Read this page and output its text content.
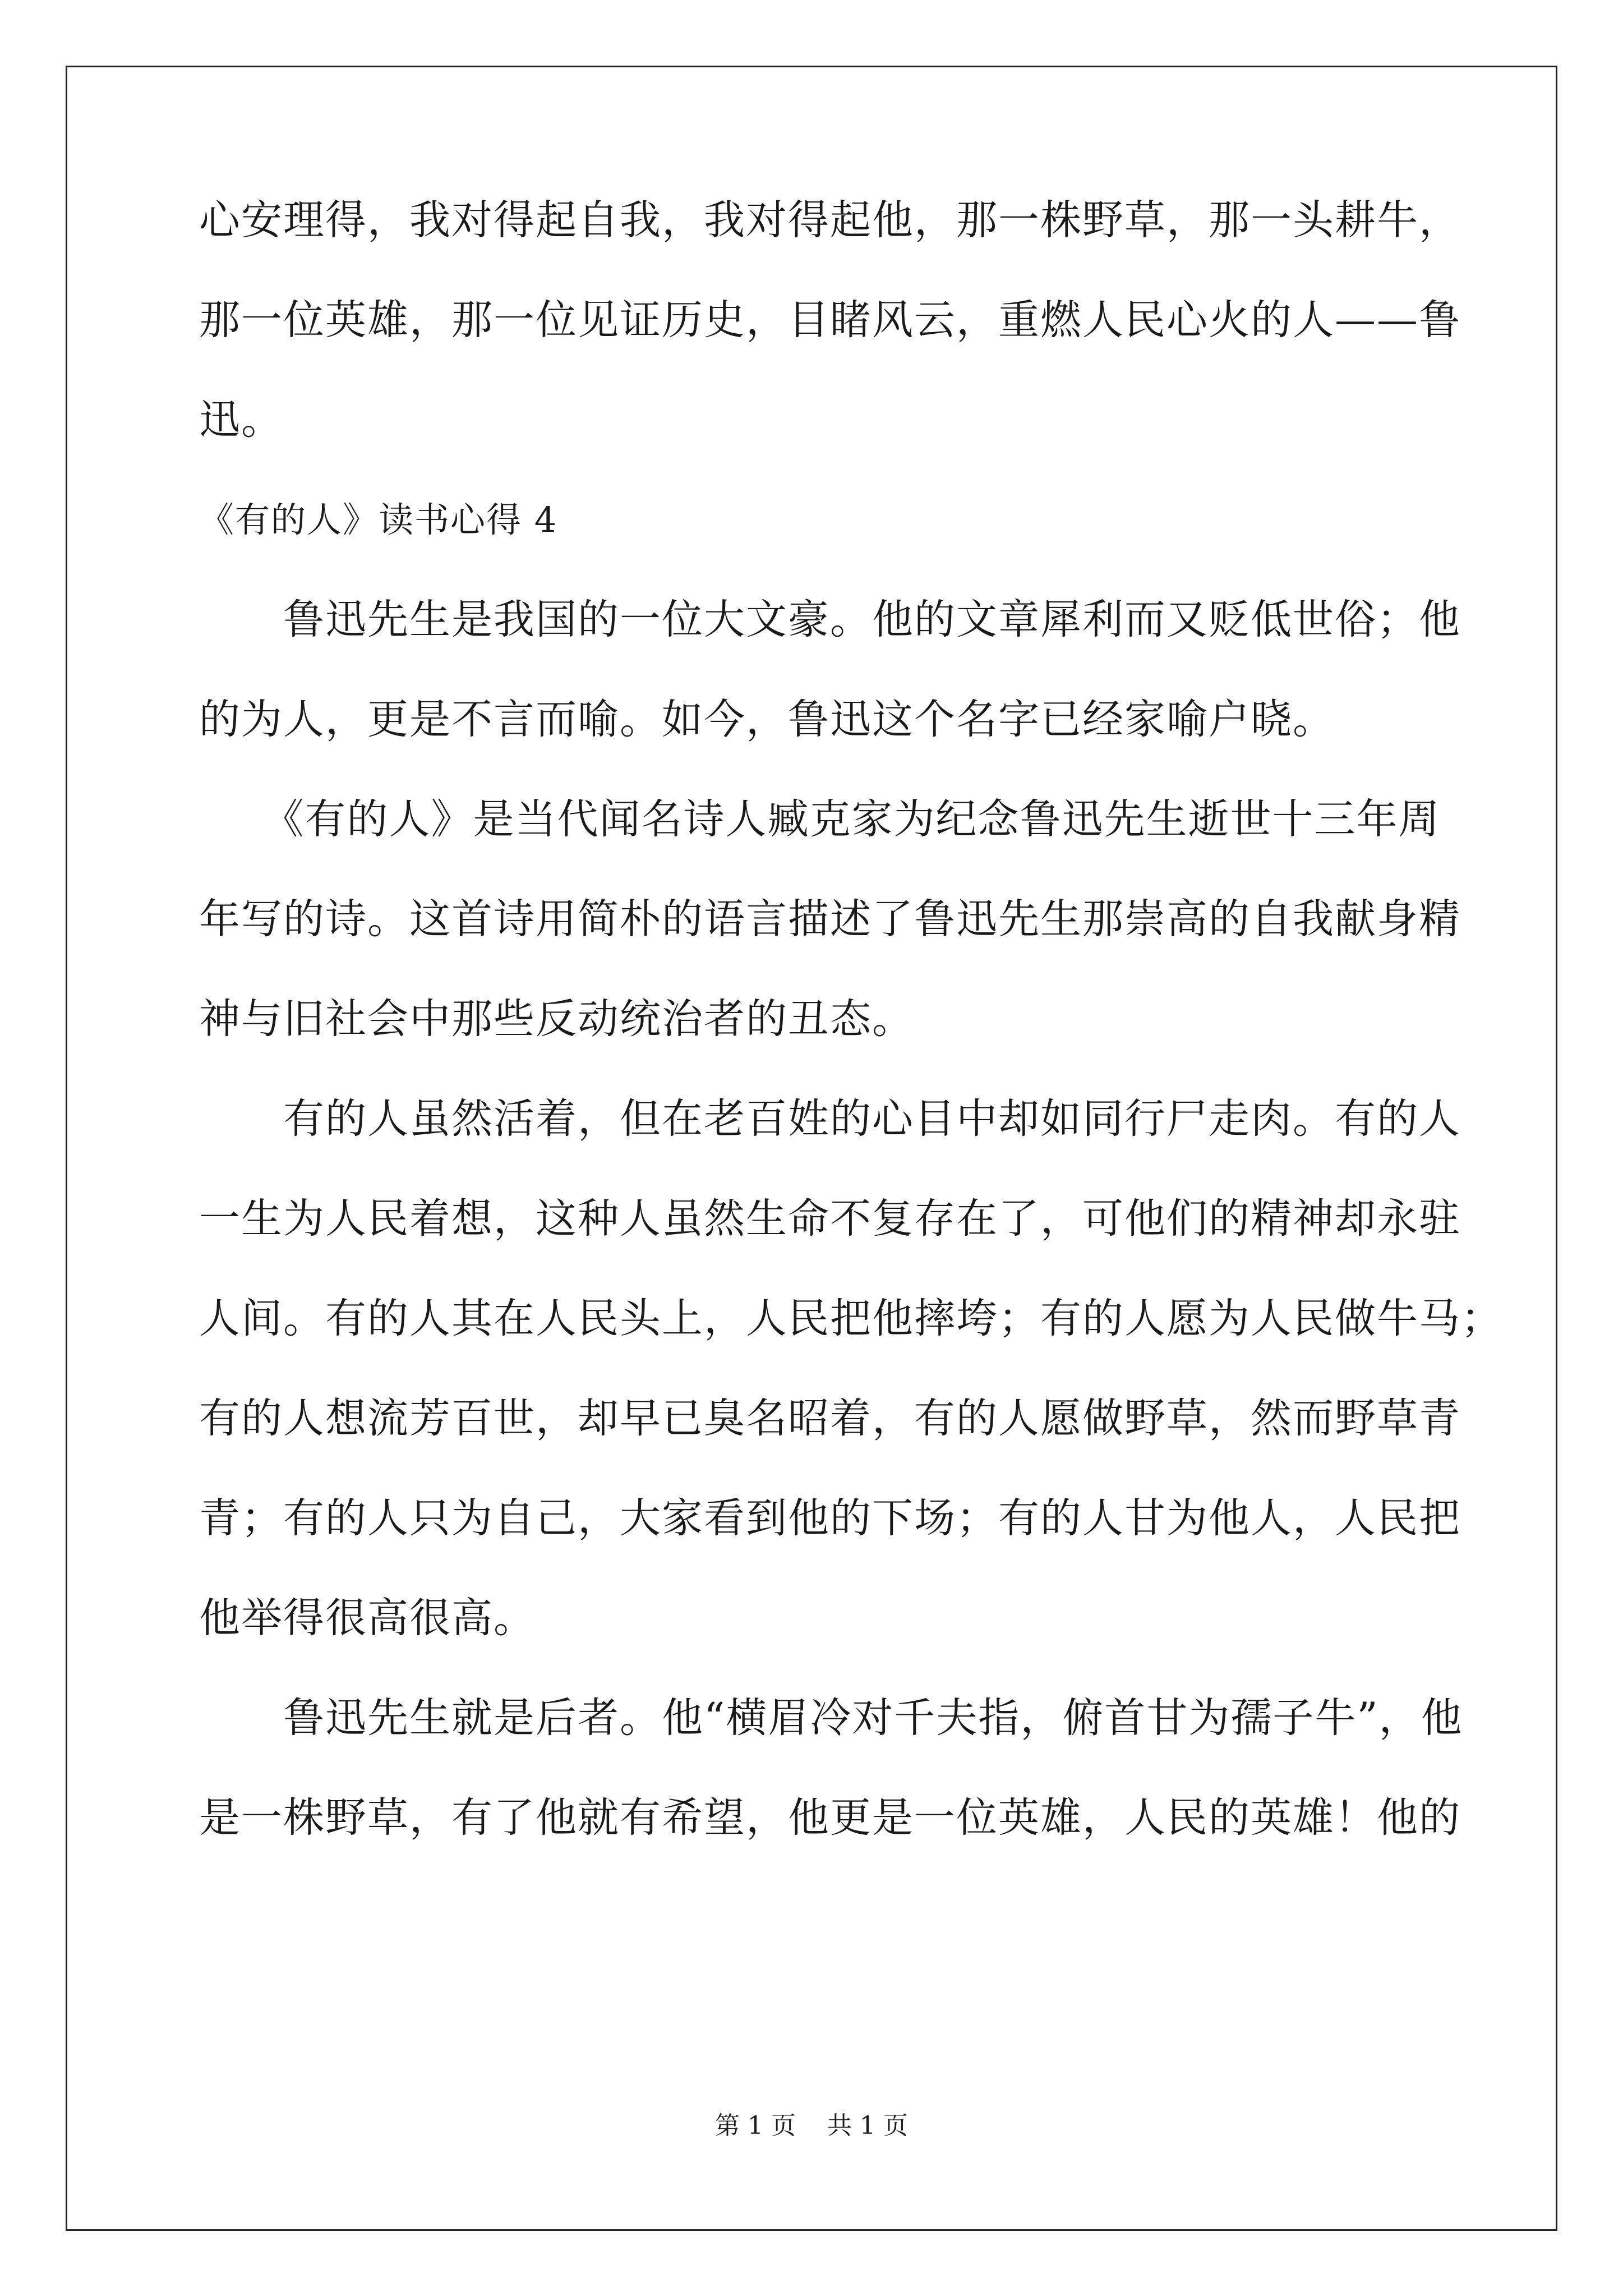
心安理得，我对得起自我，我对得起他，那一株野草，那一头耕牛，
那一位英雄，那一位见证历史，目睹风云，重燃人民心火的人——鲁
迅。
《有的人》读书心得 4
　　鲁迅先生是我国的一位大文豪。他的文章犀利而又贬低世俗；他
的为人，更是不言而喻。如今，鲁迅这个名字已经家喻户晓。
　　《有的人》是当代闻名诗人臧克家为纪念鲁迅先生逝世十三年周
年写的诗。这首诗用简朴的语言描述了鲁迅先生那崇高的自我献身精
神与旧社会中那些反动统治者的丑态。
　　有的人虽然活着，但在老百姓的心目中却如同行尸走肉。有的人
一生为人民着想，这种人虽然生命不复存在了，可他们的精神却永驻
人间。有的人其在人民头上，人民把他摔垮；有的人愿为人民做牛马；
有的人想流芳百世，却早已臭名昭着，有的人愿做野草，然而野草青
青；有的人只为自己，大家看到他的下场；有的人甘为他人，人民把
他举得很高很高。
　　鲁迅先生就是后者。他“横眉冷对千夫指，俯首甘为孺子牛”，他
是一株野草，有了他就有希望，他更是一位英雄，人民的英雄！他的
第 1 页    共 1 页
